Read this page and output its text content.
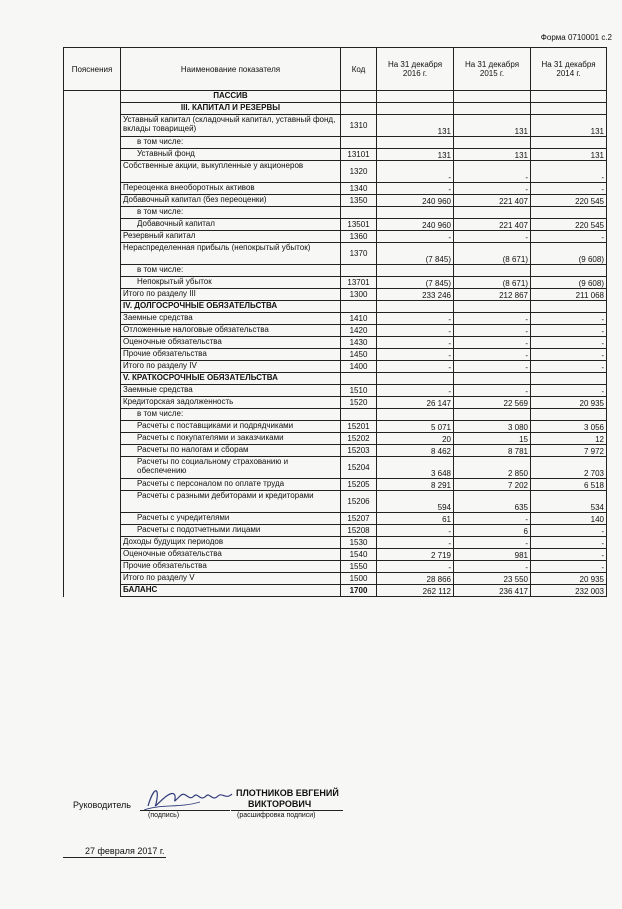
Форма 0710001 с.2
Пояснения	Наименование показателя	Код	На 31 декабря 2016 г.	На 31 декабря 2015 г.	На 31 декабря 2014 г.
	ПАССИВ				
	III. КАПИТАЛ И РЕЗЕРВЫ				
	Уставный капитал (складочный капитал, уставный фонд, вклады товарищей)	1310	131	131	131
	в том числе:				
	Уставный фонд	13101	131	131	131
	Собственные акции, выкупленные у акционеров	1320	-	-	-
	Переоценка внеоборотных активов	1340	-	-	-
	Добавочный капитал (без переоценки)	1350	240 960	221 407	220 545
	в том числе:				
	Добавочный капитал	13501	240 960	221 407	220 545
	Резервный капитал	1360	-	-	-
	Нераспределенная прибыль (непокрытый убыток)	1370	(7 845)	(8 671)	(9 608)
	в том числе:				
	Непокрытый убыток	13701	(7 845)	(8 671)	(9 608)
	Итого по разделу III	1300	233 246	212 867	211 068
	IV. ДОЛГОСРОЧНЫЕ ОБЯЗАТЕЛЬСТВА				
	Заемные средства	1410	-	-	-
	Отложенные налоговые обязательства	1420	-	-	-
	Оценочные обязательства	1430	-	-	-
	Прочие обязательства	1450	-	-	-
	Итого по разделу IV	1400	-	-	-
	V. КРАТКОСРОЧНЫЕ ОБЯЗАТЕЛЬСТВА				
	Заемные средства	1510	-	-	-
	Кредиторская задолженность	1520	26 147	22 569	20 935
	в том числе:				
	Расчеты с поставщиками и подрядчиками	15201	5 071	3 080	3 056
	Расчеты с покупателями и заказчиками	15202	20	15	12
	Расчеты по налогам и сборам	15203	8 462	8 781	7 972
	Расчеты по социальному страхованию и обеспечению	15204	3 648	2 850	2 703
	Расчеты с персоналом по оплате труда	15205	8 291	7 202	6 518
	Расчеты с разными дебиторами и кредиторами	15206	594	635	534
	Расчеты с учредителями	15207	61	-	140
	Расчеты с подотчетными лицами	15208	-	6	-
	Доходы будущих периодов	1530	-	-	-
	Оценочные обязательства	1540	2 719	981	-
	Прочие обязательства	1550	-	-	-
	Итого по разделу V	1500	28 866	23 550	20 935
	БАЛАНС	1700	262 112	236 417	232 003
Руководитель
ПЛОТНИКОВ ЕВГЕНИЙ
ВИКТОРОВИЧ
(подпись)	(расшифровка подписи)
27 февраля 2017 г.
